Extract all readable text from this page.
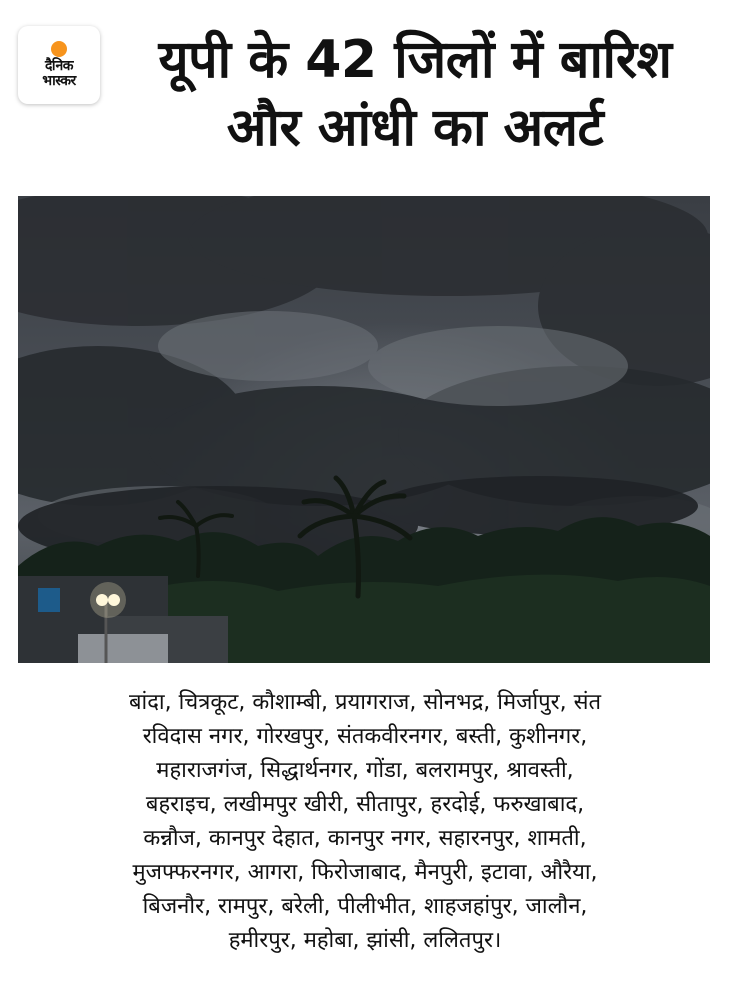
दैनिक
भास्कर	यूपी के 42 जिलों में बारिश
और आंधी का अलर्ट
बांदा, चित्रकूट, कौशाम्बी, प्रयागराज, सोनभद्र, मिर्जापुर, संत
रविदास नगर, गोरखपुर, संतकवीरनगर, बस्ती, कुशीनगर,
महाराजगंज, सिद्धार्थनगर, गोंडा, बलरामपुर, श्रावस्ती,
बहराइच, लखीमपुर खीरी, सीतापुर, हरदोई, फरुखाबाद,
कन्नौज, कानपुर देहात, कानपुर नगर, सहारनपुर, शामती,
मुजफ्फरनगर, आगरा, फिरोजाबाद, मैनपुरी, इटावा, औरैया,
बिजनौर, रामपुर, बरेली, पीलीभीत, शाहजहांपुर, जालौन,
हमीरपुर, महोबा, झांसी, ललितपुर।
